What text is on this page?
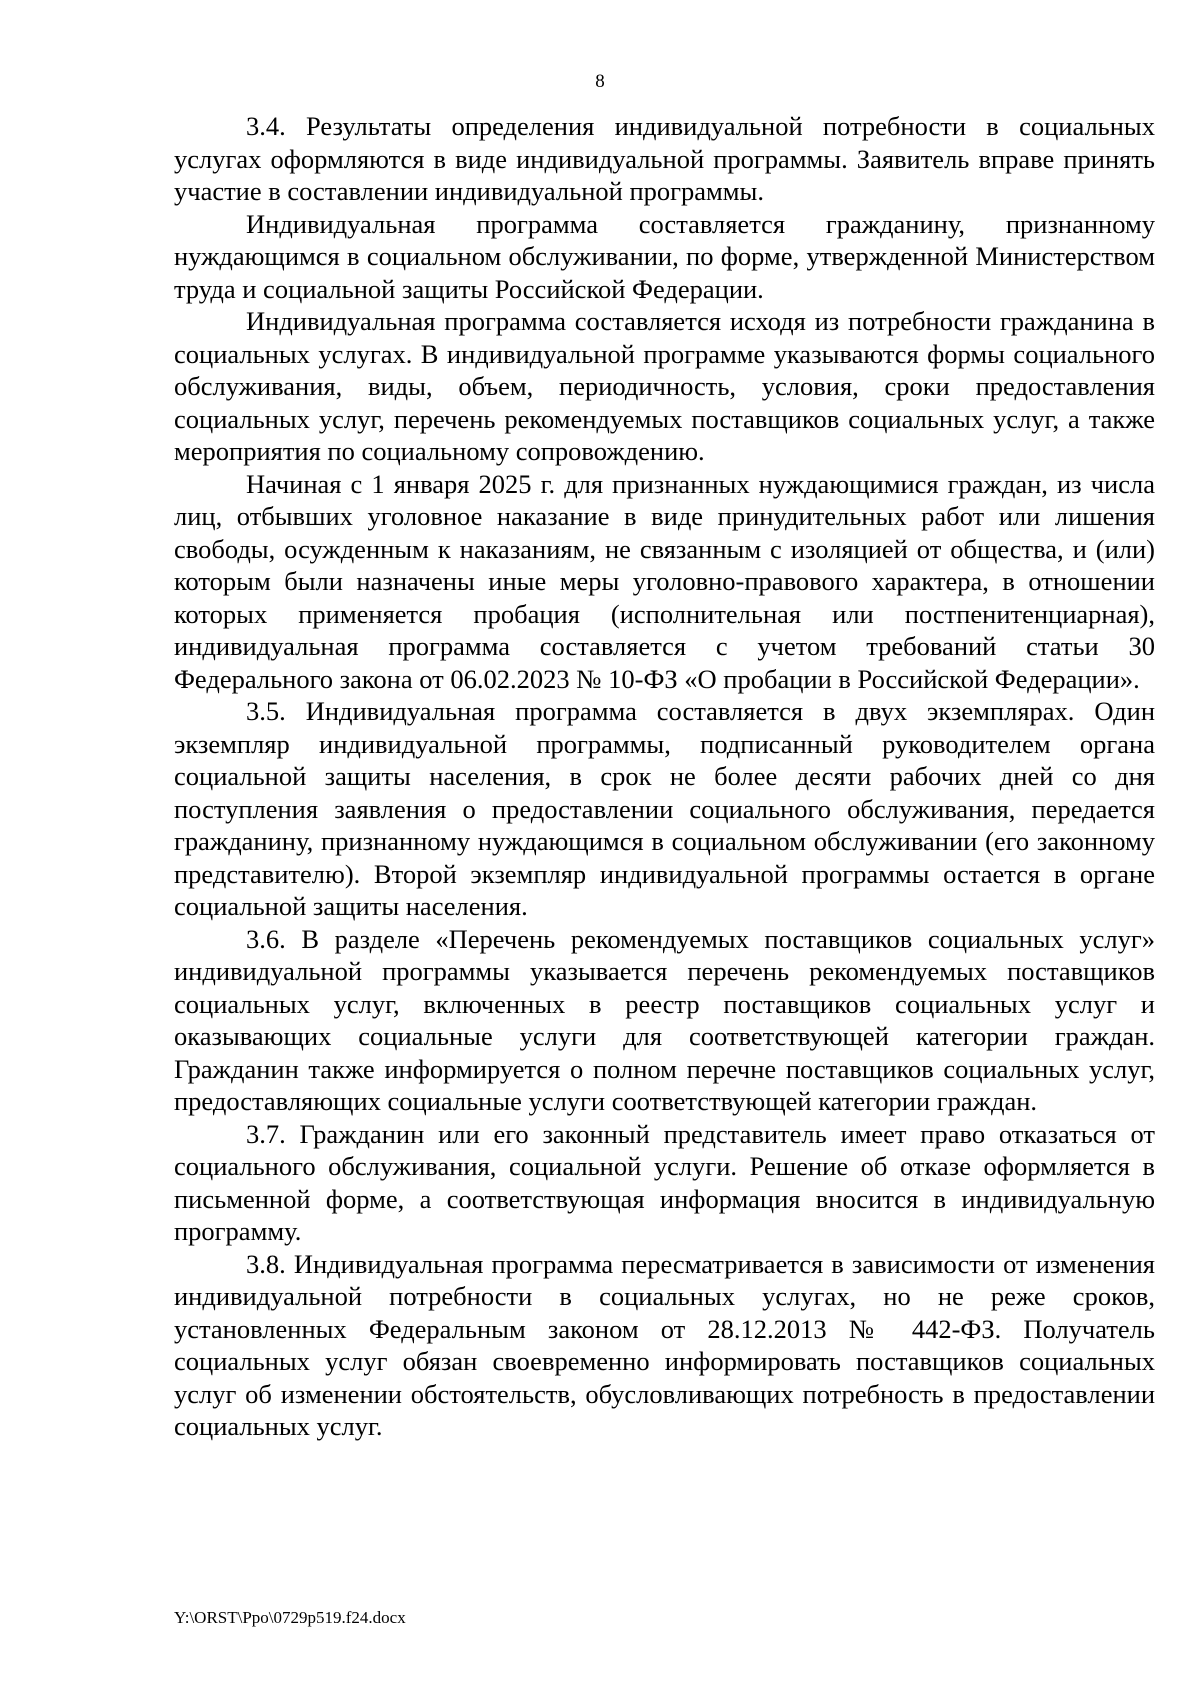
8

3.4. Результаты определения индивидуальной потребности в социальных услугах оформляются в виде индивидуальной программы. Заявитель вправе принять участие в составлении индивидуальной программы.

Индивидуальная программа составляется гражданину, признанному нуждающимся в социальном обслуживании, по форме, утвержденной Министерством труда и социальной защиты Российской Федерации.

Индивидуальная программа составляется исходя из потребности гражданина в социальных услугах. В индивидуальной программе указываются формы социального обслуживания, виды, объем, периодичность, условия, сроки предоставления социальных услуг, перечень рекомендуемых поставщиков социальных услуг, а также мероприятия по социальному сопровождению.

Начиная с 1 января 2025 г. для признанных нуждающимися граждан, из числа лиц, отбывших уголовное наказание в виде принудительных работ или лишения свободы, осужденным к наказаниям, не связанным с изоляцией от общества, и (или) которым были назначены иные меры уголовно-правового характера, в отношении которых применяется пробация (исполнительная или постпенитенциарная), индивидуальная программа составляется с учетом требований статьи 30 Федерального закона от 06.02.2023 № 10-ФЗ «О пробации в Российской Федерации».

3.5. Индивидуальная программа составляется в двух экземплярах. Один экземпляр индивидуальной программы, подписанный руководителем органа социальной защиты населения, в срок не более десяти рабочих дней со дня поступления заявления о предоставлении социального обслуживания, передается гражданину, признанному нуждающимся в социальном обслуживании (его законному представителю). Второй экземпляр индивидуальной программы остается в органе социальной защиты населения.

3.6. В разделе «Перечень рекомендуемых поставщиков социальных услуг» индивидуальной программы указывается перечень рекомендуемых поставщиков социальных услуг, включенных в реестр поставщиков социальных услуг и оказывающих социальные услуги для соответствующей категории граждан. Гражданин также информируется о полном перечне поставщиков социальных услуг, предоставляющих социальные услуги соответствующей категории граждан.

3.7. Гражданин или его законный представитель имеет право отказаться от социального обслуживания, социальной услуги. Решение об отказе оформляется в письменной форме, а соответствующая информация вносится в индивидуальную программу.

3.8. Индивидуальная программа пересматривается в зависимости от изменения индивидуальной потребности в социальных услугах, но не реже сроков, установленных Федеральным законом от 28.12.2013 № 442-ФЗ. Получатель социальных услуг обязан своевременно информировать поставщиков социальных услуг об изменении обстоятельств, обусловливающих потребность в предоставлении социальных услуг.

Y:\ORST\Ppo\0729p519.f24.docx
